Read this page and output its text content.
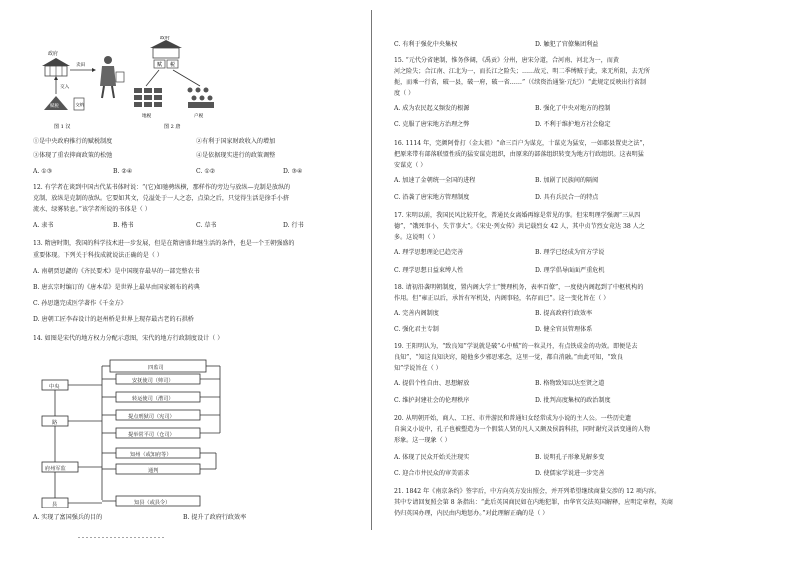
政府
卖田
交入
赋税	交纳
图 1 汉
政府
赋 税
地税	户税
图 2 唐
①是中央政府推行的赋税制度	②有利于国家财政收入的增加
③体现了重农抑商政策的松弛	④是依据现实进行的政策调整
A. ①③	B. ②④	C. ①②	D. ③④
12. 有学者在谈到中国古代某书体时说：“(它)如驰骋纵横，那样作的旁边与放纵—克制是放纵的
克制，放纵是克制的放纵。它要如其文，兑溢处于一人之态，点染之后，只觉得生活是徐手小挤
流水、绿雾转息。”该学者所说的书体是（ ）
A. 隶书	B. 楷书	C. 草书	D. 行书
13. 隋唐时期，我国的科学技术进一步发展，但是在隋唐盛世继生活的条件，也是一个王朝强盛的
重要体现。下列关于科技成就说法正确的是（ ）
A. 南朝贾思勰的《齐民要术》是中国现存最早的一部完整农书
B. 唐玄宗时编订的《唐本草》是世界上最早由国家颁布的药典
C. 孙思邈完成医学著作《千金方》
D. 唐朝工匠李春设计的赵州桥是世界上现存最古老的石拱桥
14. 如图是宋代的地方权力分配示意图，宋代的地方行政制度设计（ ）
四监司
中央
路
府州军监
县
安抚使司（帅司）
转运使司（漕司）
提点刑狱司（宪司）
提举常平司（仓司）
知州（或知府等）
通判
知县（或县令）
A. 实现了富国强兵的目的	B. 提升了政府行政效率
C. 有利于强化中央集权	D. 触犯了官僚集团利益
15. “元代分省建制，惟务侈阔，《禹贡》分州，唐宋分道，合河南、河北为一，而黄
河之险失；合江南、江北为一，而长江之险失；……故元、明二季缚贼于此，来无所阻，去无所
扼，而乘一行省，破一县，破一府，破一省……”（《续资治通鉴·元纪》）“此规定反映出行省制
度（ ）
A. 成为农民起义频发的根源	B. 强化了中央对地方的控制
C. 克服了唐宋地方治理之弊	D. 不利于维护地方社会稳定
16. 1114 年，完颜阿骨打（金太祖）“命三百户为谋克，十谋克为猛安，一如郡县置吏之法”，
把原来带有部落联盟性质的猛安谋克组织，由原来的部落组织转变为地方行政组织。这表明猛
安谋克（ ）
A. 加速了金朝统一全国的进程	B. 加剧了民族间的隔阂
C. 沿袭了唐宋地方管理制度	D. 具有兵民合一的特点
17. 宋明以前，我国民风比较开化，普通民女离婚再嫁是常见的事。但宋明理学强调“三从四
德”，“饿死事小，失节事大”。《宋史·列女传》共记载烈女 42 人，其中贞节烈女竟达 38 人之
多。这说明（ ）
A. 理学思想理论已趋完善	B. 理学已经成为官方学说
C. 理学思想日益束缚人性	D. 理学倡导面面严重危机
18. 请初沿袭明朝制度，置内阁大学士“赞理机务，表率百僚”，一度使内阁起到了中枢机构的
作用。但“雍正以后，承旨有军机处，内阁事轻，名存而已”。这一变化旨在（ ）
A. 完善内阁制度	B. 提高政府行政效率
C. 强化君主专制	D. 健全官员管理体系
19. 王阳明认为，“致良知”学说就是破“心中贼”的一粒灵丹，有点铁成金的功效。即便是去
良知”，“知这良知诀窍，随他多少邪思邪念，这里一觉，都自消融。”由此可知，“致良
知”学说旨在（ ）
A. 提倡个性自由、思想解放	B. 格物致知以达至贤之道
C. 维护封建社会的伦理秩序	D. 批判高度集权的政治制度
20. 从明朝开始，商人、工匠、市井游民和普通妇女经常成为小说的主人公。一些历史遗
自演义小说中，孔子也被塑造为一个假装人贤的凡人又颇及侯韵科挂，同时谢究灵活变通的人物
形象。这一现象（ ）
A. 体现了民众开始关注现实	B. 说明孔子形象见解多变
C. 迎合市井民众的审美需求	D. 使儒家学说进一步完善
21. 1842 年《南京条约》签字后，中方向英方发出照会，并开列希望继续商量交涉的 12 项内容。
其中专请回复照会第 8 条指出：“此后英国商民如在内地犯罪，由华官交法英国解释，应明定章程，英商
仍归英国办理，内民由内地惩办。”对此理解正确的是（ ）
